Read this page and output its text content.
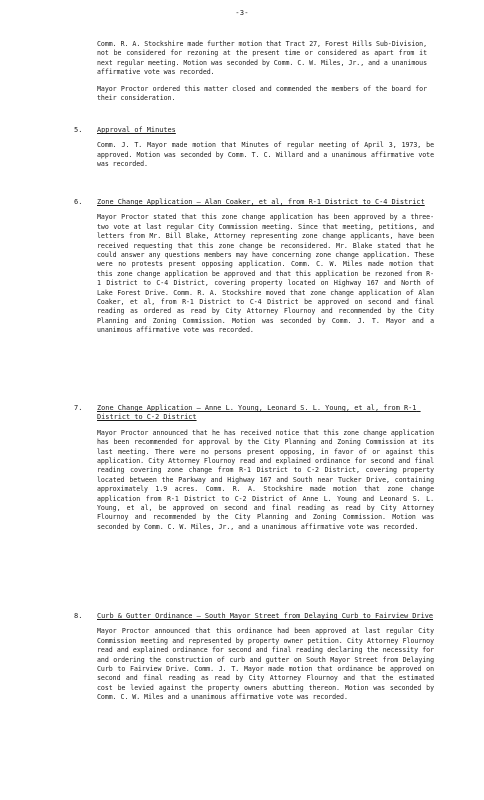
-3-

Comm. R. A. Stockshire made further motion that Tract 27, Forest Hills Sub-Division, not be considered for rezoning at the present time or considered as apart from it next regular meeting. Motion was seconded by Comm. C. W. Miles, Jr., and a unanimous affirmative vote was recorded.

Mayor Proctor ordered this matter closed and commended the members of the board for their consideration.

5. Approval of Minutes

Comm. J. T. Mayor made motion that Minutes of regular meeting of April 3, 1973, be approved. Motion was seconded by Comm. T. C. Willard and a unanimous affirmative vote was recorded.

6. Zone Change Application – Alan Coaker, et al, from R-1 District to C-4 District

Mayor Proctor stated that this zone change application has been approved by a three-two vote at last regular City Commission meeting. Since that meeting, petitions, and letters from Mr. Bill Blake, Attorney representing zone change applicants, have been received requesting that this zone change be reconsidered. Mr. Blake stated that he could answer any questions members may have concerning zone change application. These were no protests present opposing application. Comm. C. W. Miles made motion that this zone change application be approved and that this application be rezoned from R-1 District to C-4 District, covering property located on Highway 167 and North of Lake Forest Drive. Comm. R. A. Stockshire moved that zone change application of Alan Coaker, et al, from R-1 District to C-4 District be approved on second and final reading as ordered as read by City Attorney Flournoy and recommended by the City Planning and Zoning Commission. Motion was seconded by Comm. J. T. Mayor and a unanimous affirmative vote was recorded.

7. Zone Change Application – Anne L. Young, Leonard S. L. Young, et al, from R-1 District to C-2 District

Mayor Proctor announced that he has received notice that this zone change application has been recommended for approval by the City Planning and Zoning Commission at its last meeting. There were no persons present opposing, in favor of or against this application. City Attorney Flournoy read and explained ordinance for second and final reading covering zone change from R-1 District to C-2 District, covering property located between the Parkway and Highway 167 and South near Tucker Drive, containing approximately 1.9 acres. Comm. R. A. Stockshire made motion that zone change application from R-1 District to C-2 District of Anne L. Young and Leonard S. L. Young, et al, be approved on second and final reading as read by City Attorney Flournoy and recommended by the City Planning and Zoning Commission. Motion was seconded by Comm. C. W. Miles, Jr., and a unanimous affirmative vote was recorded.

8. Curb & Gutter Ordinance – South Mayor Street from Delaying Curb to Fairview Drive

Mayor Proctor announced that this ordinance had been approved at last regular City Commission meeting and represented by property owner petition. City Attorney Flournoy read and explained ordinance for second and final reading declaring the necessity for and ordering the construction of curb and gutter on South Mayor Street from Delaying Curb to Fairview Drive. Comm. J. T. Mayor made motion that ordinance be approved on second and final reading as read by City Attorney Flournoy and that the estimated cost be levied against the property owners abutting thereon. Motion was seconded by Comm. C. W. Miles and a unanimous affirmative vote was recorded.
